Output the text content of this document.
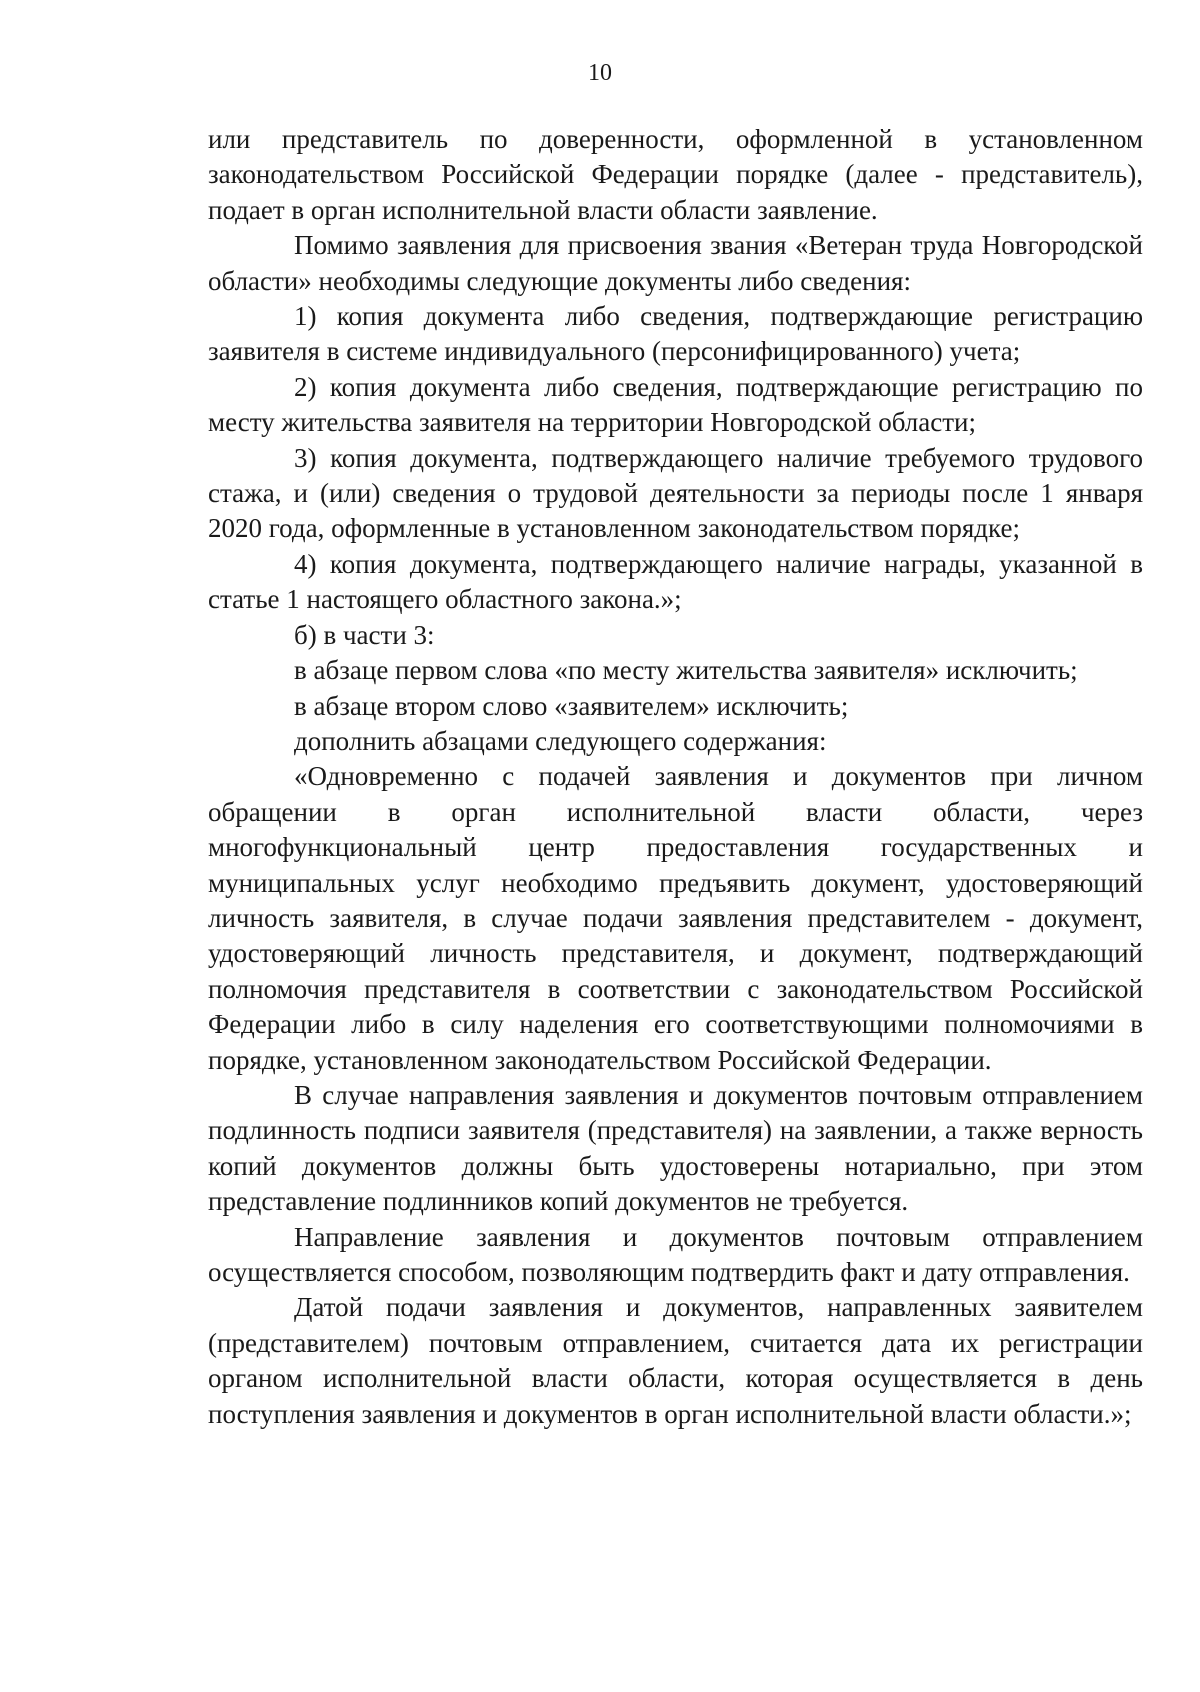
10

или представитель по доверенности, оформленной в установленном законодательством Российской Федерации порядке (далее - представитель), подает в орган исполнительной власти области заявление.

Помимо заявления для присвоения звания «Ветеран труда Новгородской области» необходимы следующие документы либо сведения:

1) копия документа либо сведения, подтверждающие регистрацию заявителя в системе индивидуального (персонифицированного) учета;

2) копия документа либо сведения, подтверждающие регистрацию по месту жительства заявителя на территории Новгородской области;

3) копия документа, подтверждающего наличие требуемого трудового стажа, и (или) сведения о трудовой деятельности за периоды после 1 января 2020 года, оформленные в установленном законодательством порядке;

4) копия документа, подтверждающего наличие награды, указанной в статье 1 настоящего областного закона.»;

б) в части 3:

в абзаце первом слова «по месту жительства заявителя» исключить;

в абзаце втором слово «заявителем» исключить;

дополнить абзацами следующего содержания:

«Одновременно с подачей заявления и документов при личном обращении в орган исполнительной власти области, через многофункциональный центр предоставления государственных и муниципальных услуг необходимо предъявить документ, удостоверяющий личность заявителя, в случае подачи заявления представителем - документ, удостоверяющий личность представителя, и документ, подтверждающий полномочия представителя в соответствии с законодательством Российской Федерации либо в силу наделения его соответствующими полномочиями в порядке, установленном законодательством Российской Федерации.

В случае направления заявления и документов почтовым отправлением подлинность подписи заявителя (представителя) на заявлении, а также верность копий документов должны быть удостоверены нотариально, при этом представление подлинников копий документов не требуется.

Направление заявления и документов почтовым отправлением осуществляется способом, позволяющим подтвердить факт и дату отправления.

Датой подачи заявления и документов, направленных заявителем (представителем) почтовым отправлением, считается дата их регистрации органом исполнительной власти области, которая осуществляется в день поступления заявления и документов в орган исполнительной власти области.»;
